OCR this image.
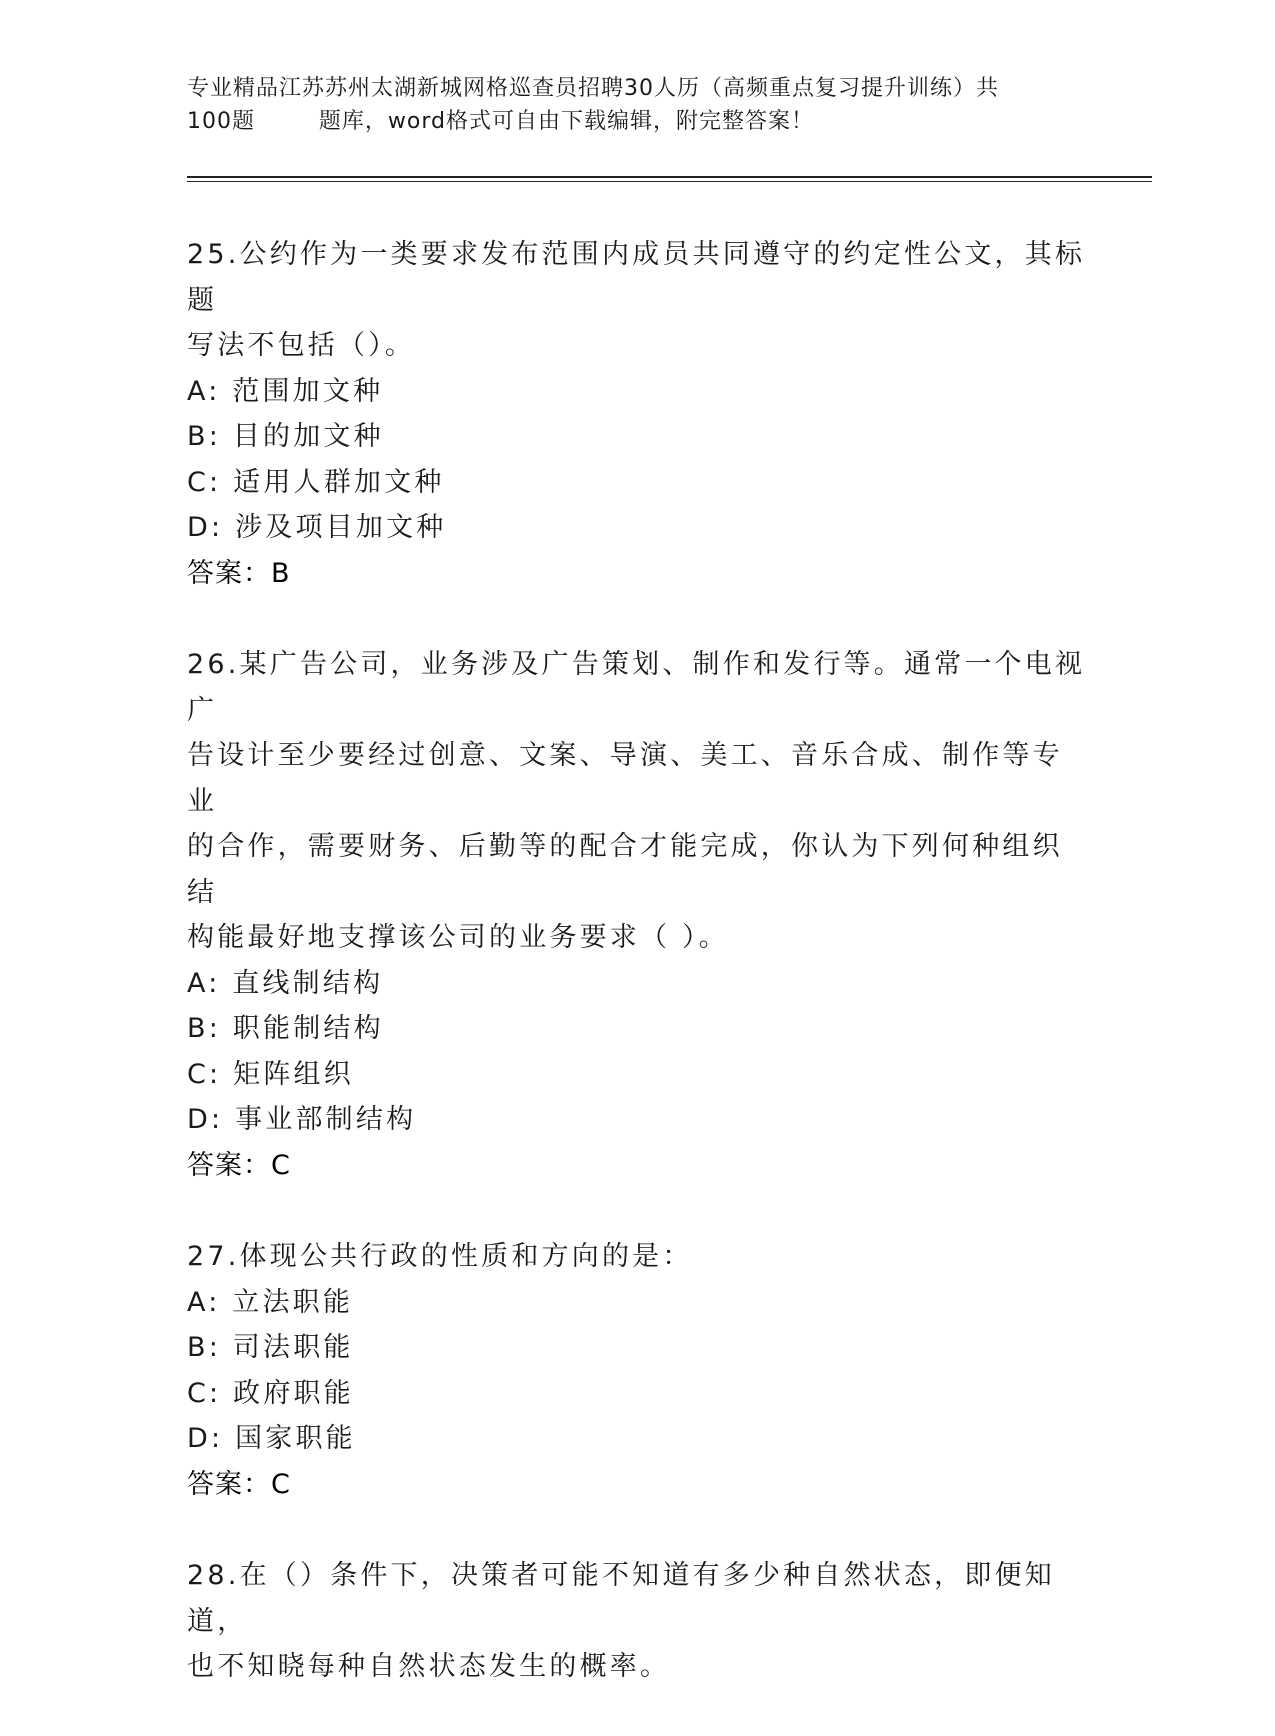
专业精品江苏苏州太湖新城网格巡查员招聘30人历（高频重点复习提升训练）共
100题        题库，word格式可自由下载编辑，附完整答案！
25.公约作为一类要求发布范围内成员共同遵守的约定性公文，其标题
写法不包括（）。
A: 范围加文种
B: 目的加文种
C: 适用人群加文种
D: 涉及项目加文种
答案：B
26.某广告公司，业务涉及广告策划、制作和发行等。通常一个电视广
告设计至少要经过创意、文案、导演、美工、音乐合成、制作等专业
的合作，需要财务、后勤等的配合才能完成，你认为下列何种组织结
构能最好地支撑该公司的业务要求（ ）。
A: 直线制结构
B: 职能制结构
C: 矩阵组织
D: 事业部制结构
答案：C
27.体现公共行政的性质和方向的是：
A: 立法职能
B: 司法职能
C: 政府职能
D: 国家职能
答案：C
28.在（）条件下，决策者可能不知道有多少种自然状态，即便知道，
也不知晓每种自然状态发生的概率。
